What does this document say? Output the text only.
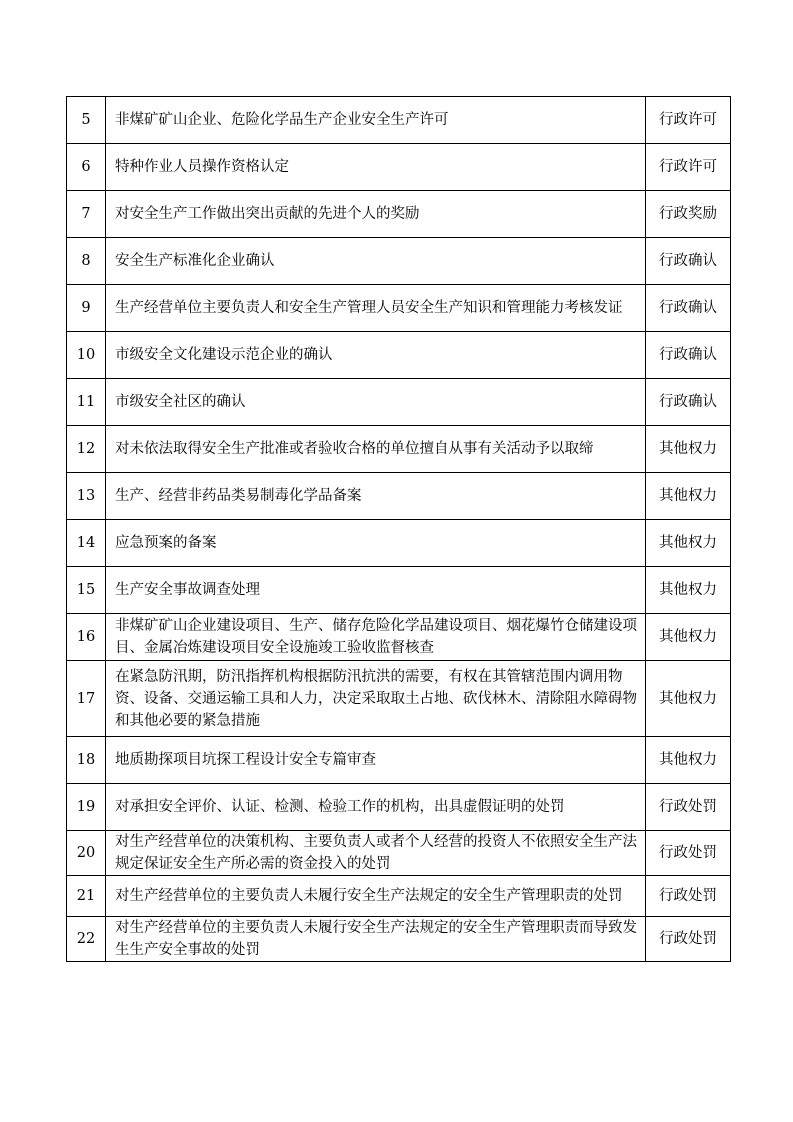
5	非煤矿矿山企业、危险化学品生产企业安全生产许可	行政许可
6	特种作业人员操作资格认定	行政许可
7	对安全生产工作做出突出贡献的先进个人的奖励	行政奖励
8	安全生产标准化企业确认	行政确认
9	生产经营单位主要负责人和安全生产管理人员安全生产知识和管理能力考核发证	行政确认
10	市级安全文化建设示范企业的确认	行政确认
11	市级安全社区的确认	行政确认
12	对未依法取得安全生产批准或者验收合格的单位擅自从事有关活动予以取缔	其他权力
13	生产、经营非药品类易制毒化学品备案	其他权力
14	应急预案的备案	其他权力
15	生产安全事故调查处理	其他权力
16	非煤矿矿山企业建设项目、生产、储存危险化学品建设项目、烟花爆竹仓储建设项目、金属冶炼建设项目安全设施竣工验收监督核查	其他权力
17	在紧急防汛期，防汛指挥机构根据防汛抗洪的需要，有权在其管辖范围内调用物资、设备、交通运输工具和人力，决定采取取土占地、砍伐林木、清除阻水障碍物和其他必要的紧急措施	其他权力
18	地质勘探项目坑探工程设计安全专篇审查	其他权力
19	对承担安全评价、认证、检测、检验工作的机构，出具虚假证明的处罚	行政处罚
20	对生产经营单位的决策机构、主要负责人或者个人经营的投资人不依照安全生产法规定保证安全生产所必需的资金投入的处罚	行政处罚
21	对生产经营单位的主要负责人未履行安全生产法规定的安全生产管理职责的处罚	行政处罚
22	对生产经营单位的主要负责人未履行安全生产法规定的安全生产管理职责而导致发生生产安全事故的处罚	行政处罚
